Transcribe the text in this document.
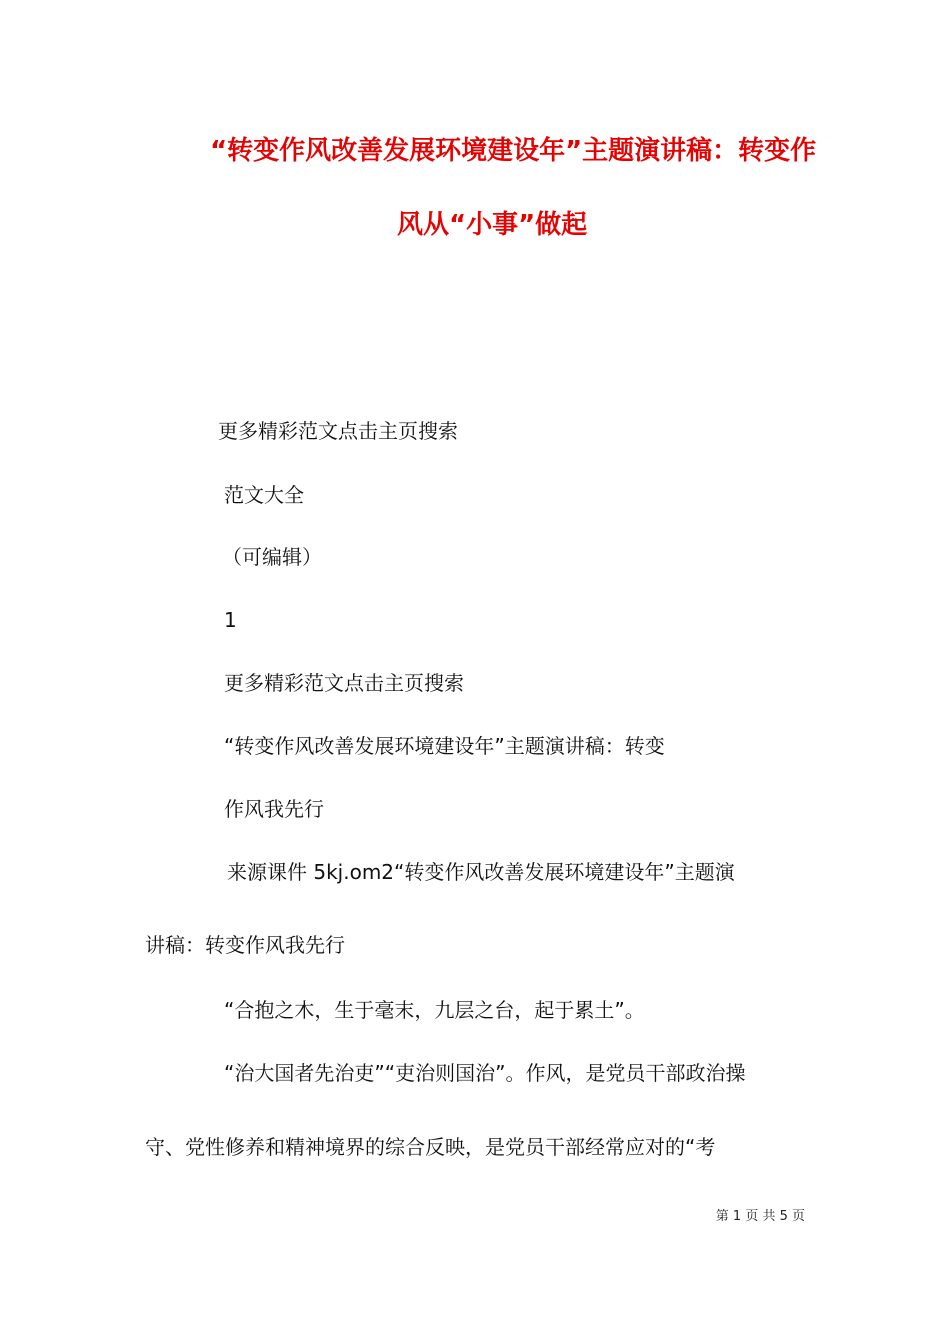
“转变作风改善发展环境建设年”主题演讲稿：转变作
风从“小事”做起

更多精彩范文点击主页搜索

范文大全

（可编辑）

1

更多精彩范文点击主页搜索

“转变作风改善发展环境建设年”主题演讲稿：转变

作风我先行

来源课件 5kj.om2“转变作风改善发展环境建设年”主题演

讲稿：转变作风我先行

“合抱之木，生于毫末，九层之台，起于累土”。

“治大国者先治吏”“吏治则国治”。作风，是党员干部政治操

守、党性修养和精神境界的综合反映，是党员干部经常应对的“考

第 1 页 共 5 页
